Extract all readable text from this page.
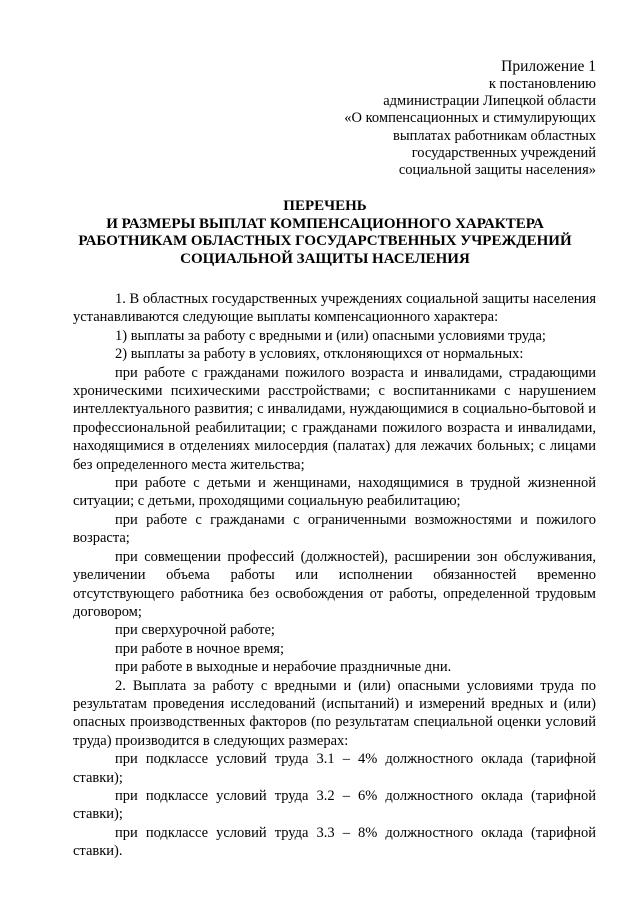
Приложение 1
к постановлению
администрации Липецкой области
«О компенсационных и стимулирующих
выплатах работникам областных
государственных учреждений
социальной защиты населения»
ПЕРЕЧЕНЬ
И РАЗМЕРЫ ВЫПЛАТ КОМПЕНСАЦИОННОГО ХАРАКТЕРА
РАБОТНИКАМ ОБЛАСТНЫХ ГОСУДАРСТВЕННЫХ УЧРЕЖДЕНИЙ
СОЦИАЛЬНОЙ ЗАЩИТЫ НАСЕЛЕНИЯ

1. В областных государственных учреждениях социальной защиты населения устанавливаются следующие выплаты компенсационного характера:

1) выплаты за работу с вредными и (или) опасными условиями труда;

2) выплаты за работу в условиях, отклоняющихся от нормальных:

при работе с гражданами пожилого возраста и инвалидами, страдающими хроническими психическими расстройствами; с воспитанниками с нарушением интеллектуального развития; с инвалидами, нуждающимися в социально-бытовой и профессиональной реабилитации; с гражданами пожилого возраста и инвалидами, находящимися в отделениях милосердия (палатах) для лежачих больных; с лицами без определенного места жительства;

при работе с детьми и женщинами, находящимися в трудной жизненной ситуации; с детьми, проходящими социальную реабилитацию;

при работе с гражданами с ограниченными возможностями и пожилого возраста;

при совмещении профессий (должностей), расширении зон обслуживания, увеличении объема работы или исполнении обязанностей временно отсутствующего работника без освобождения от работы, определенной трудовым договором;

при сверхурочной работе;

при работе в ночное время;

при работе в выходные и нерабочие праздничные дни.

2. Выплата за работу с вредными и (или) опасными условиями труда по результатам проведения исследований (испытаний) и измерений вредных и (или) опасных производственных факторов (по результатам специальной оценки условий труда) производится в следующих размерах:

при подклассе условий труда 3.1 – 4% должностного оклада (тарифной ставки);

при подклассе условий труда 3.2 – 6% должностного оклада (тарифной ставки);

при подклассе условий труда 3.3 – 8% должностного оклада (тарифной ставки).
